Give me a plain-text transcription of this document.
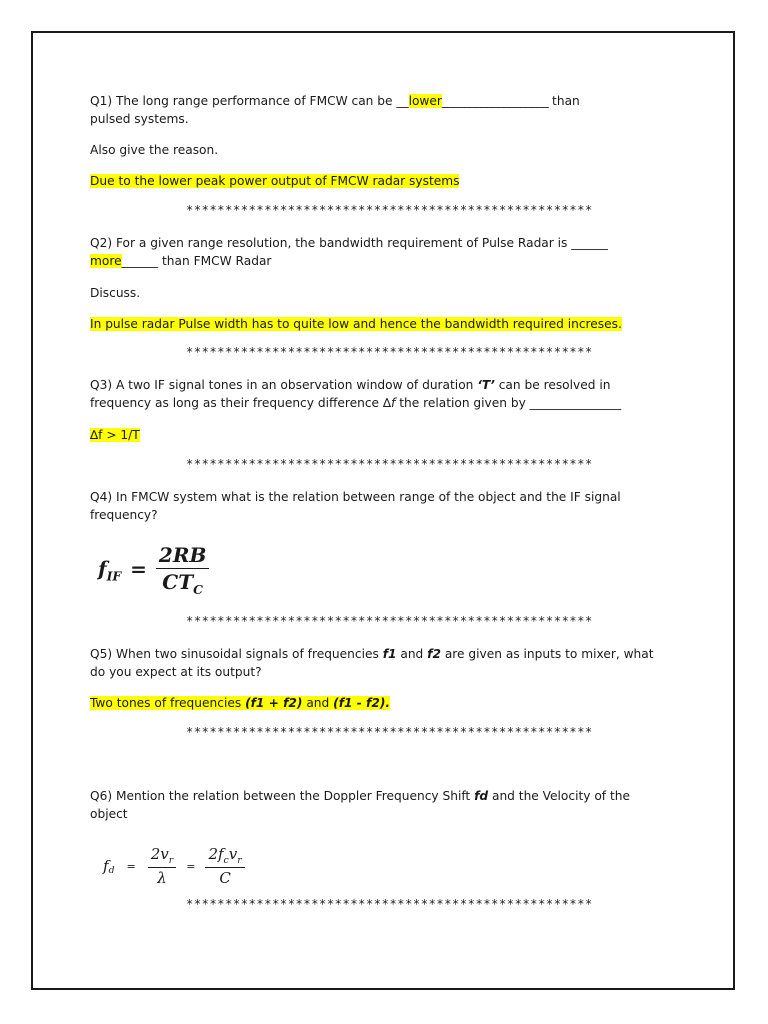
Q1) The long range performance of FMCW can be __lower___________________ than

pulsed systems.

Also give the reason.

Due to the lower peak power output of FMCW radar systems

****************************************************

Q2) For a given range resolution, the bandwidth requirement of Pulse Radar is ______

more______ than FMCW Radar

Discuss.

In pulse radar Pulse width has to quite low and hence the bandwidth required increses.

****************************************************

Q3) A two IF signal tones in an observation window of duration ‘T’ can be resolved in

frequency as long as their frequency difference ∆f the relation given by _______________

∆f > 1/T

****************************************************

Q4) In FMCW system what is the relation between range of the object and the IF signal

frequency?

$f_{IF} = \frac{2RB}{CT_C}$
****************************************************

Q5) When two sinusoidal signals of frequencies f1 and f2 are given as inputs to mixer, what

do you expect at its output?

Two tones of frequencies (f1 + f2) and (f1 - f2).

****************************************************

Q6) Mention the relation between the Doppler Frequency Shift fd and the Velocity of the

object

$f_d = \frac{2v_r}{\lambda} = \frac{2f_cv_r}{C}$
****************************************************
